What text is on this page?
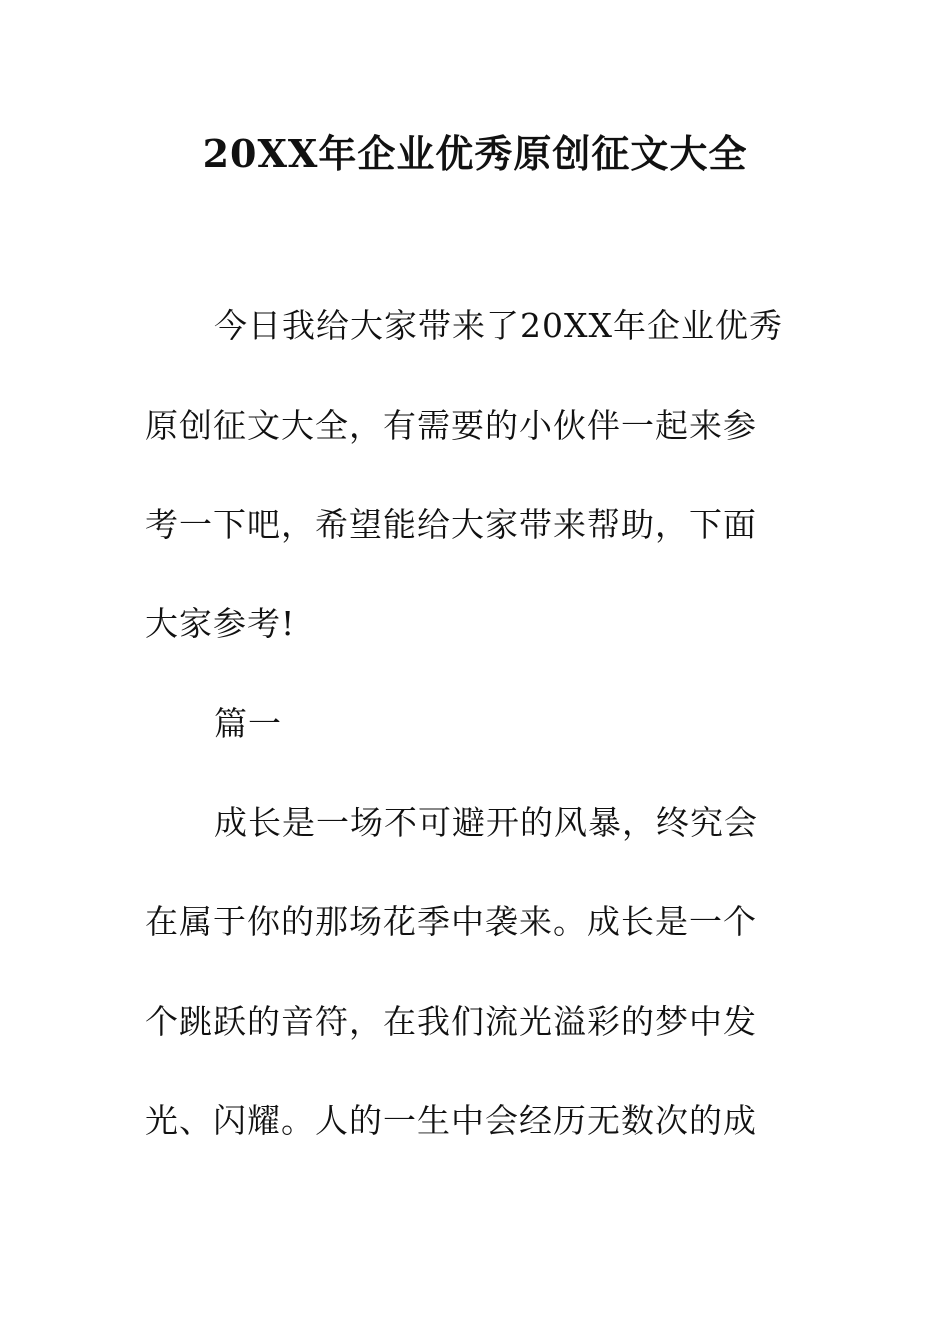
20XX年企业优秀原创征文大全
今日我给大家带来了20XX年企业优秀
原创征文大全，有需要的小伙伴一起来参
考一下吧，希望能给大家带来帮助，下面
大家参考!
篇一
成长是一场不可避开的风暴，终究会
在属于你的那场花季中袭来。成长是一个
个跳跃的音符，在我们流光溢彩的梦中发
光、闪耀。人的一生中会经历无数次的成
